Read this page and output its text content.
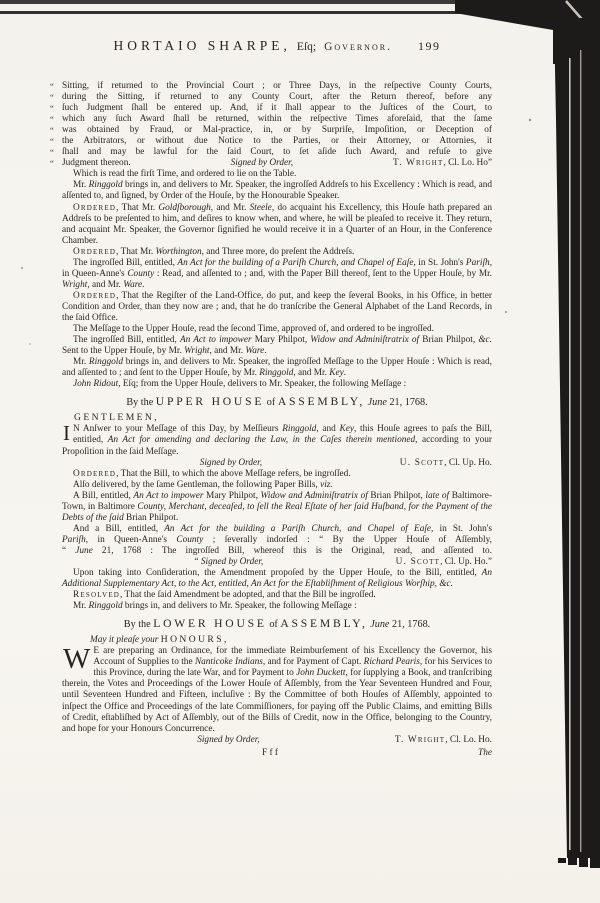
HORTAIO SHARPE, Eſq; Governor. 199
“ Sitting, if returned to the Provincial Court ; or Three Days, in the reſpective County Courts,
“ during the Sitting, if returned to any County Court, after the Return thereof, before any
“ ſuch Judgment ſhall be entered up. And, if it ſhall appear to the Juſtices of the Court, to
“ which any ſuch Award ſhall be returned, within the reſpective Times aforeſaid, that the ſame
“ was obtained by Fraud, or Mal-practice, in, or by Surpriſe, Impoſition, or Deception of
“ the Arbitrators, or without due Notice to the Parties, or their Attorney, or Attornies, it
“ ſhall and may be lawful for the ſaid Court, to ſet aſide ſuch Award, and refuſe to give
“ Judgment thereon.	Signed by Order,	T. Wright, Cl. Lo. Ho”
Which is read the firſt Time, and ordered to lie on the Table.
Mr. Ringgold brings in, and delivers to Mr. Speaker, the ingroſſed Addreſs to his Excellency : Which is read, and aſſented to, and ſigned, by Order of the Houſe, by the Honourable Speaker.
Ordered, That Mr. Goldſborough, and Mr. Steele, do acquaint his Excellency, this Houſe hath prepared an Addreſs to be preſented to him, and deſires to know when, and where, he will be pleaſed to receive it. They return, and acquaint Mr. Speaker, the Governor ſignified he would receive it in a Quarter of an Hour, in the Conference Chamber.
Ordered, That Mr. Worthington, and Three more, do preſent the Addreſs.
The ingroſſed Bill, entitled, An Act for the building of a Pariſh Church, and Chapel of Eaſe, in St. John's Pariſh, in Queen-Anne's County : Read, and aſſented to ; and, with the Paper Bill thereof, ſent to the Upper Houſe, by Mr. Wright, and Mr. Ware.
Ordered, That the Regiſter of the Land-Office, do put, and keep the ſeveral Books, in his Office, in better Condition and Order, than they now are ; and, that he do tranſcribe the General Alphabet of the Land Records, in the ſaid Office.
The Meſſage to the Upper Houſe, read the ſecond Time, approved of, and ordered to be ingroſſed.
The ingroſſed Bill, entitled, An Act to impower Mary Philpot, Widow and Adminiſtratrix of Brian Philpot, &c. Sent to the Upper Houſe, by Mr. Wright, and Mr. Ware.
Mr. Ringgold brings in, and delivers to Mr. Speaker, the ingroſſed Meſſage to the Upper Houſe : Which is read, and aſſented to ; and ſent to the Upper Houſe, by Mr. Ringgold, and Mr. Key.
John Ridout, Eſq; from the Upper Houſe, delivers to Mr. Speaker, the following Meſſage :
By the UPPER HOUSE of ASSEMBLY, June 21, 1768.
GENTLEMEN,
I N Anſwer to your Meſſage of this Day, by Meſſieurs Ringgold, and Key, this Houſe agrees to paſs the Bill, entitled, An Act for amending and declaring the Law, in the Caſes therein mentioned, according to your Propoſition in the ſaid Meſſage.
Signed by Order,	U. Scott, Cl. Up. Ho.
Ordered, That the Bill, to which the above Meſſage refers, be ingroſſed.
Alſo delivered, by the ſame Gentleman, the following Paper Bills, viz.
A Bill, entitled, An Act to impower Mary Philpot, Widow and Adminiſtratrix of Brian Philpot, late of Baltimore-Town, in Baltimore County, Merchant, deceaſed, to ſell the Real Eſtate of her ſaid Huſband, for the Payment of the Debts of the ſaid Brian Philpot.
And a Bill, entitled, An Act for the building a Pariſh Church, and Chapel of Eaſe, in St. John's
Pariſh, in Queen-Anne's County ; ſeverally indorſed : “ By the Upper Houſe of Aſſembly,
“ June 21, 1768 : The ingroſſed Bill, whereof this is the Original, read, and aſſented to.
“ Signed by Order,	U. Scott, Cl. Up. Ho.”
Upon taking into Conſideration, the Amendment propoſed by the Upper Houſe, to the Bill, entitled, An Additional Supplementary Act, to the Act, entitled, An Act for the Eſtabliſhment of Religious Worſhip, &c.
Resolved, That the ſaid Amendment be adopted, and that the Bill be ingroſſed.
Mr. Ringgold brings in, and delivers to Mr. Speaker, the following Meſſage :
By the LOWER HOUSE of ASSEMBLY, June 21, 1768.
May it pleaſe your HONOURS,
W E are preparing an Ordinance, for the immediate Reimburſement of his Excellency the Governor, his Account of Supplies to the Nanticoke Indians, and for Payment of Capt. Richard Pearis, for his Services to this Province, during the late War, and for Payment to John Duckett, for ſupplying a Book, and tranſcribing therein, the Votes and Proceedings of the Lower Houſe of Aſſembly, from the Year Seventeen Hundred and Four, until Seventeen Hundred and Fifteen, incluſive : By the Committee of both Houſes of Aſſembly, appointed to inſpect the Office and Proceedings of the late Commiſſioners, for paying off the Public Claims, and emitting Bills of Credit, eſtabliſhed by Act of Aſſembly, out of the Bills of Credit, now in the Office, belonging to the Country, and hope for your Honours Concurrence.
Signed by Order,	T. Wright, Cl. Lo. Ho.
F f f	The
